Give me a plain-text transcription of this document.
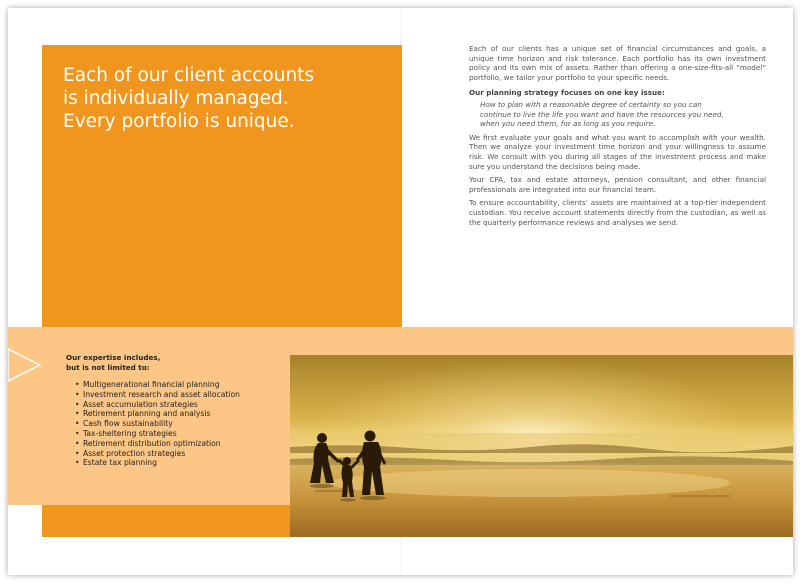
Each of our client accounts
is individually managed.
Every portfolio is unique.

Each of our clients has a unique set of financial circumstances and goals, a unique time horizon and risk tolerance. Each portfolio has its own investment policy and its own mix of assets. Rather than offering a one-size-fits-all “model” portfolio, we tailor your portfolio to your specific needs.

Our planning strategy focuses on one key issue:

How to plan with a reasonable degree of certainty so you can
continue to live the life you want and have the resources you need,
when you need them, for as long as you require.

We first evaluate your goals and what you want to accomplish with your wealth. Then we analyze your investment time horizon and your willingness to assume risk. We consult with you during all stages of the investment process and make sure you understand the decisions being made.

Your CPA, tax and estate attorneys, pension consultant, and other financial professionals are integrated into our financial team.

To ensure accountability, clients’ assets are maintained at a top-tier independent custodian. You receive account statements directly from the custodian, as well as the quarterly performance reviews and analyses we send.

Our expertise includes,
but is not limited to:

• Multigenerational financial planning
• Investment research and asset allocation
• Asset accumulation strategies
• Retirement planning and analysis
• Cash flow sustainability
• Tax-sheltering strategies
• Retirement distribution optimization
• Asset protection strategies
• Estate tax planning
